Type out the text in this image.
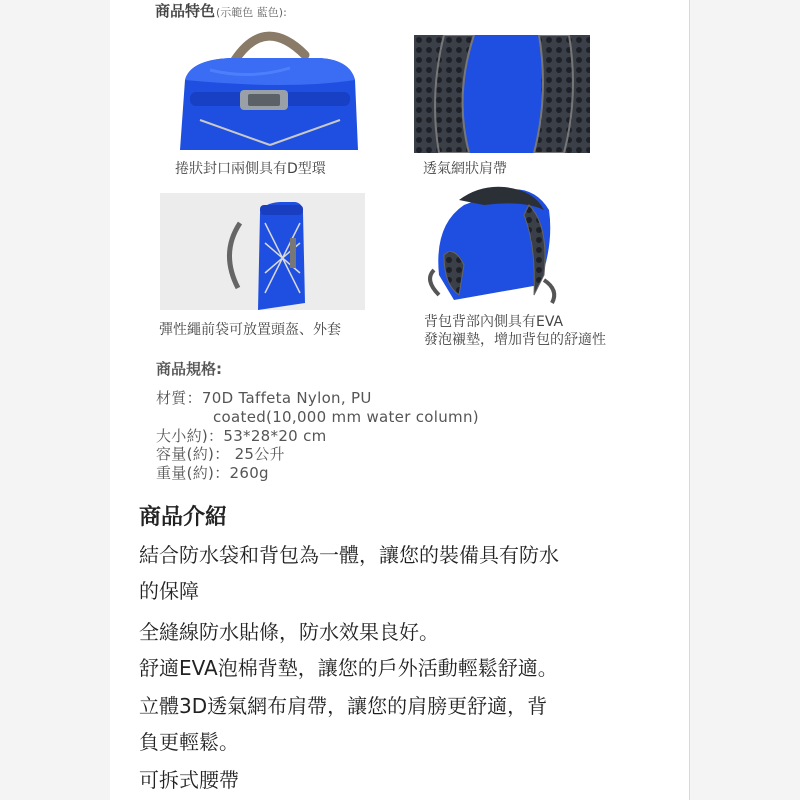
商品特色(示範色 藍色):
捲狀封口兩側具有D型環	透氣網狀肩帶
彈性繩前袋可放置頭盔、外套	背包背部內側具有EVA
發泡襯墊，增加背包的舒適性
商品規格:
材質：70D Taffeta Nylon, PU
coated(10,000 mm water column)
大小約)：53*28*20 cm
容量(約)： 25公升
重量(約)：260g
商品介紹
結合防水袋和背包為一體，讓您的裝備具有防水
的保障
全縫線防水貼條，防水效果良好。
舒適EVA泡棉背墊，讓您的戶外活動輕鬆舒適。
立體3D透氣網布肩帶，讓您的肩膀更舒適，背
負更輕鬆。
可拆式腰帶
